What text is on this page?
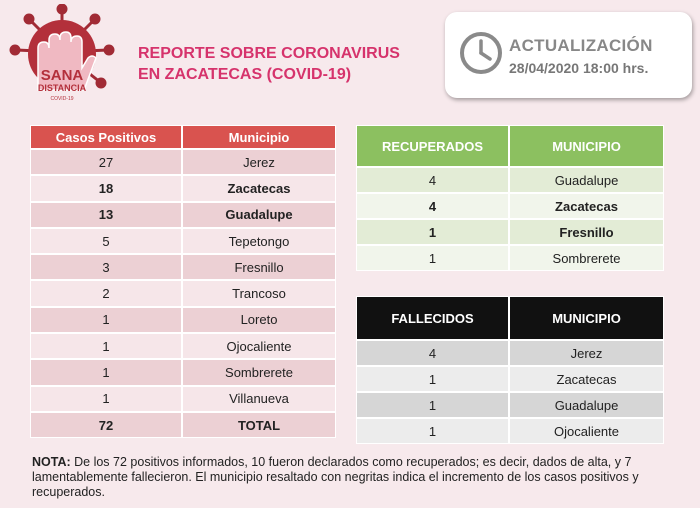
SANA
DISTANCIA
COVID-19
REPORTE SOBRE CORONAVIRUS
EN ZACATECAS (COVID-19)
ACTUALIZACIÓN
28/04/2020 18:00 hrs.
Casos Positivos	Municipio
27	Jerez
18	Zacatecas
13	Guadalupe
5	Tepetongo
3	Fresnillo
2	Trancoso
1	Loreto
1	Ojocaliente
1	Sombrerete
1	Villanueva
72	TOTAL
RECUPERADOS	MUNICIPIO
4	Guadalupe
4	Zacatecas
1	Fresnillo
1	Sombrerete
FALLECIDOS	MUNICIPIO
4	Jerez
1	Zacatecas
1	Guadalupe
1	Ojocaliente
NOTA: De los 72 positivos informados, 10 fueron declarados como recuperados; es decir, dados de alta, y 7 lamentablemente fallecieron. El municipio resaltado con negritas indica el incremento de los casos positivos y recuperados.
